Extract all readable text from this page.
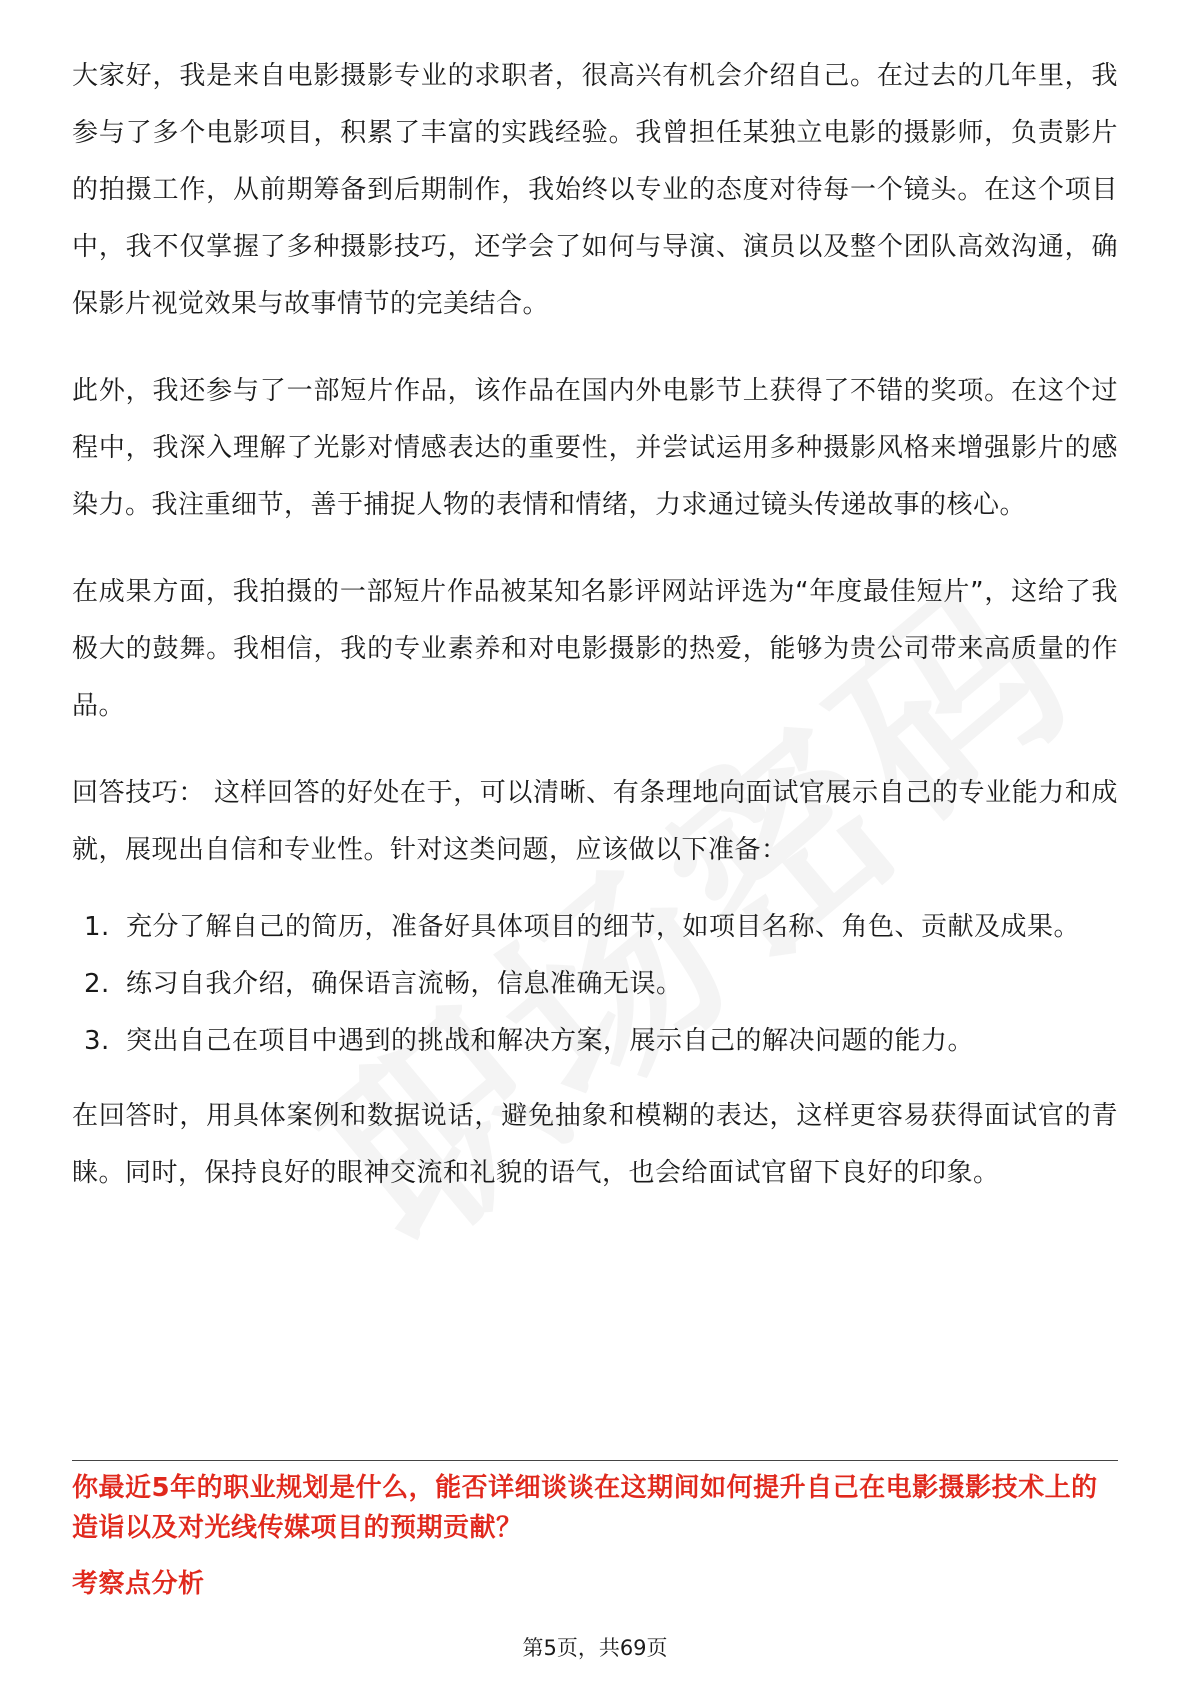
大家好，我是来自电影摄影专业的求职者，很高兴有机会介绍自己。在过去的几年里，我参与了多个电影项目，积累了丰富的实践经验。我曾担任某独立电影的摄影师，负责影片的拍摄工作，从前期筹备到后期制作，我始终以专业的态度对待每一个镜头。在这个项目中，我不仅掌握了多种摄影技巧，还学会了如何与导演、演员以及整个团队高效沟通，确保影片视觉效果与故事情节的完美结合。

此外，我还参与了一部短片作品，该作品在国内外电影节上获得了不错的奖项。在这个过程中，我深入理解了光影对情感表达的重要性，并尝试运用多种摄影风格来增强影片的感染力。我注重细节，善于捕捉人物的表情和情绪，力求通过镜头传递故事的核心。

在成果方面，我拍摄的一部短片作品被某知名影评网站评选为“年度最佳短片”，这给了我极大的鼓舞。我相信，我的专业素养和对电影摄影的热爱，能够为贵公司带来高质量的作品。

回答技巧： 这样回答的好处在于，可以清晰、有条理地向面试官展示自己的专业能力和成就，展现出自信和专业性。针对这类问题，应该做以下准备：

1. 充分了解自己的简历，准备好具体项目的细节，如项目名称、角色、贡献及成果。
2. 练习自我介绍，确保语言流畅，信息准确无误。
3. 突出自己在项目中遇到的挑战和解决方案，展示自己的解决问题的能力。

在回答时，用具体案例和数据说话，避免抽象和模糊的表达，这样更容易获得面试官的青睐。同时，保持良好的眼神交流和礼貌的语气，也会给面试官留下良好的印象。

你最近5年的职业规划是什么，能否详细谈谈在这期间如何提升自己在电影摄影技术上的造诣以及对光线传媒项目的预期贡献？
考察点分析
第5页，共69页
